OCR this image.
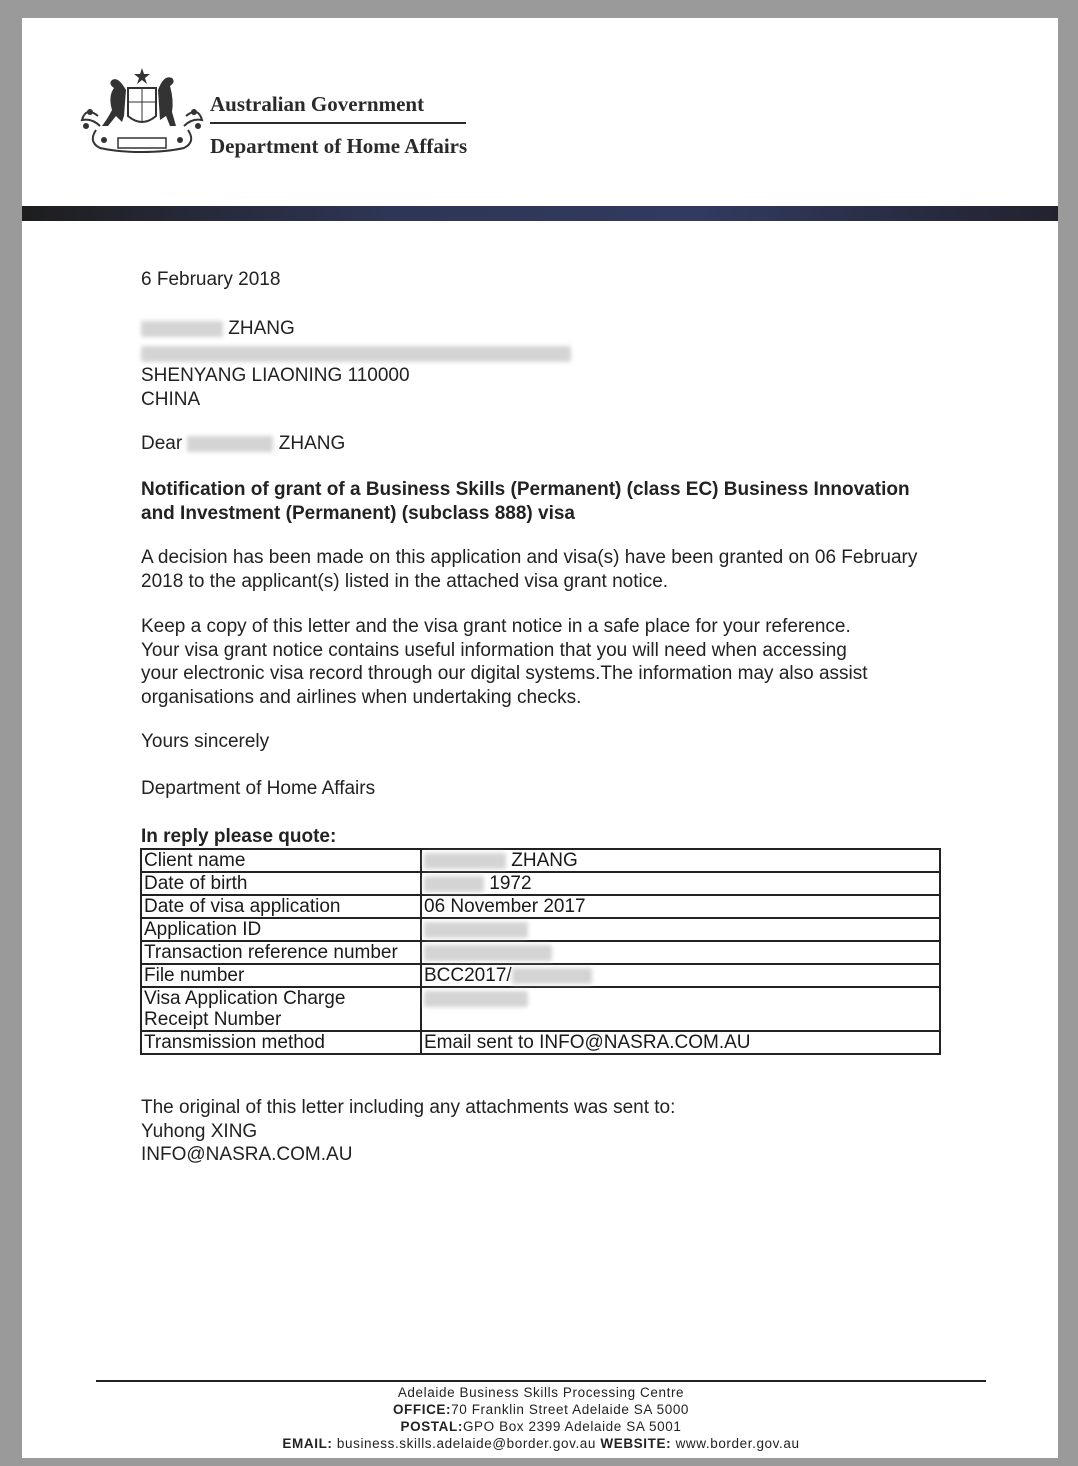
Australian Government
Department of Home Affairs
6 February 2018
ZHANG
SHENYANG LIAONING 110000
CHINA
Dear	ZHANG
Notification of grant of a Business Skills (Permanent) (class EC) Business Innovation
and Investment (Permanent) (subclass 888) visa
A decision has been made on this application and visa(s) have been granted on 06 February
2018 to the applicant(s) listed in the attached visa grant notice.
Keep a copy of this letter and the visa grant notice in a safe place for your reference.
Your visa grant notice contains useful information that you will need when accessing
your electronic visa record through our digital systems.The information may also assist
organisations and airlines when undertaking checks.
Yours sincerely
Department of Home Affairs
In reply please quote:
Client name	ZHANG
Date of birth	1972
Date of visa application	06 November 2017
Application ID	
Transaction reference number	
File number	BCC2017/

Visa Application Charge
Receipt Number	

Transmission method	Email sent to INFO@NASRA.COM.AU
The original of this letter including any attachments was sent to:
Yuhong XING
INFO@NASRA.COM.AU
Adelaide Business Skills Processing Centre
OFFICE:70 Franklin Street Adelaide SA 5000
POSTAL:GPO Box 2399 Adelaide SA 5001
EMAIL: business.skills.adelaide@border.gov.au WEBSITE: www.border.gov.au
